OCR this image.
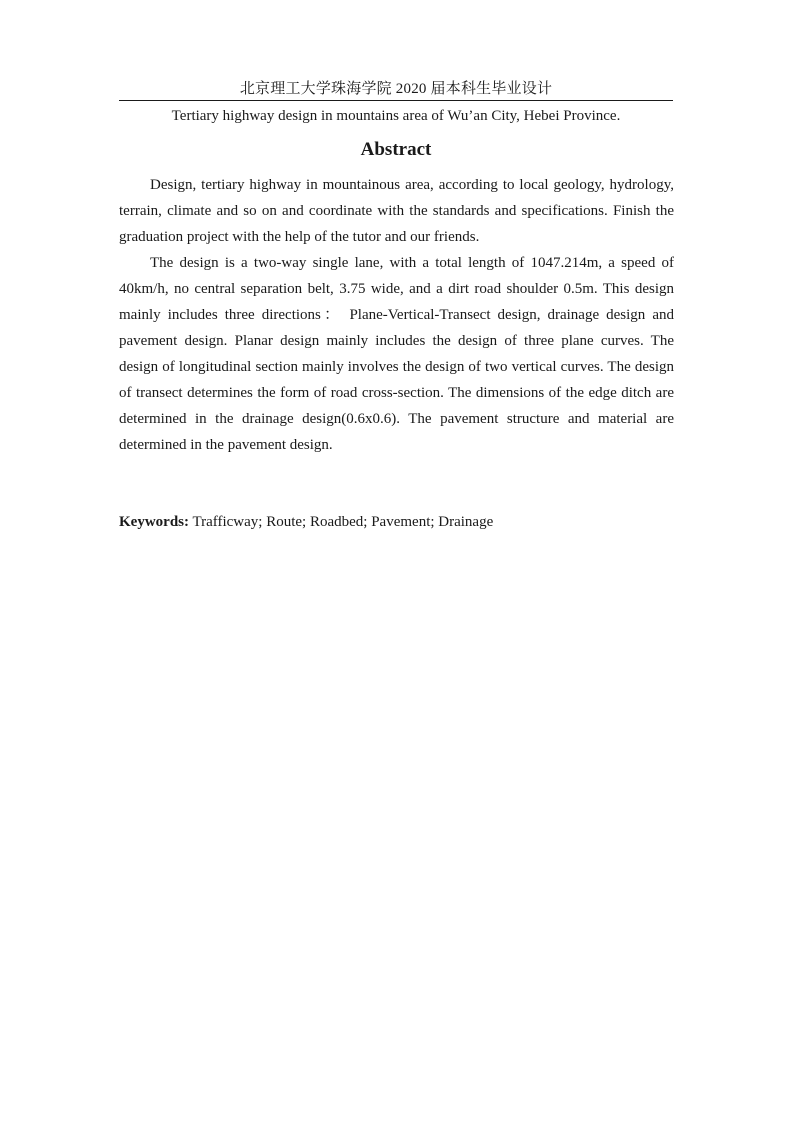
北京理工大学珠海学院 2020 届本科生毕业设计
Tertiary highway design in mountains area of Wu’an City, Hebei Province.
Abstract

Design, tertiary highway in mountainous area, according to local geology, hydrology, terrain, climate and so on and coordinate with the standards and specifications. Finish the graduation project with the help of the tutor and our friends.

The design is a two-way single lane, with a total length of 1047.214m, a speed of 40km/h, no central separation belt, 3.75 wide, and a dirt road shoulder 0.5m. This design mainly includes three directions： Plane-Vertical-Transect design, drainage design and pavement design. Planar design mainly includes the design of three plane curves. The design of longitudinal section mainly involves the design of two vertical curves. The design of transect determines the form of road cross-section. The dimensions of the edge ditch are determined in the drainage design(0.6x0.6). The pavement structure and material are determined in the pavement design.

Keywords: Trafficway; Route; Roadbed; Pavement; Drainage
